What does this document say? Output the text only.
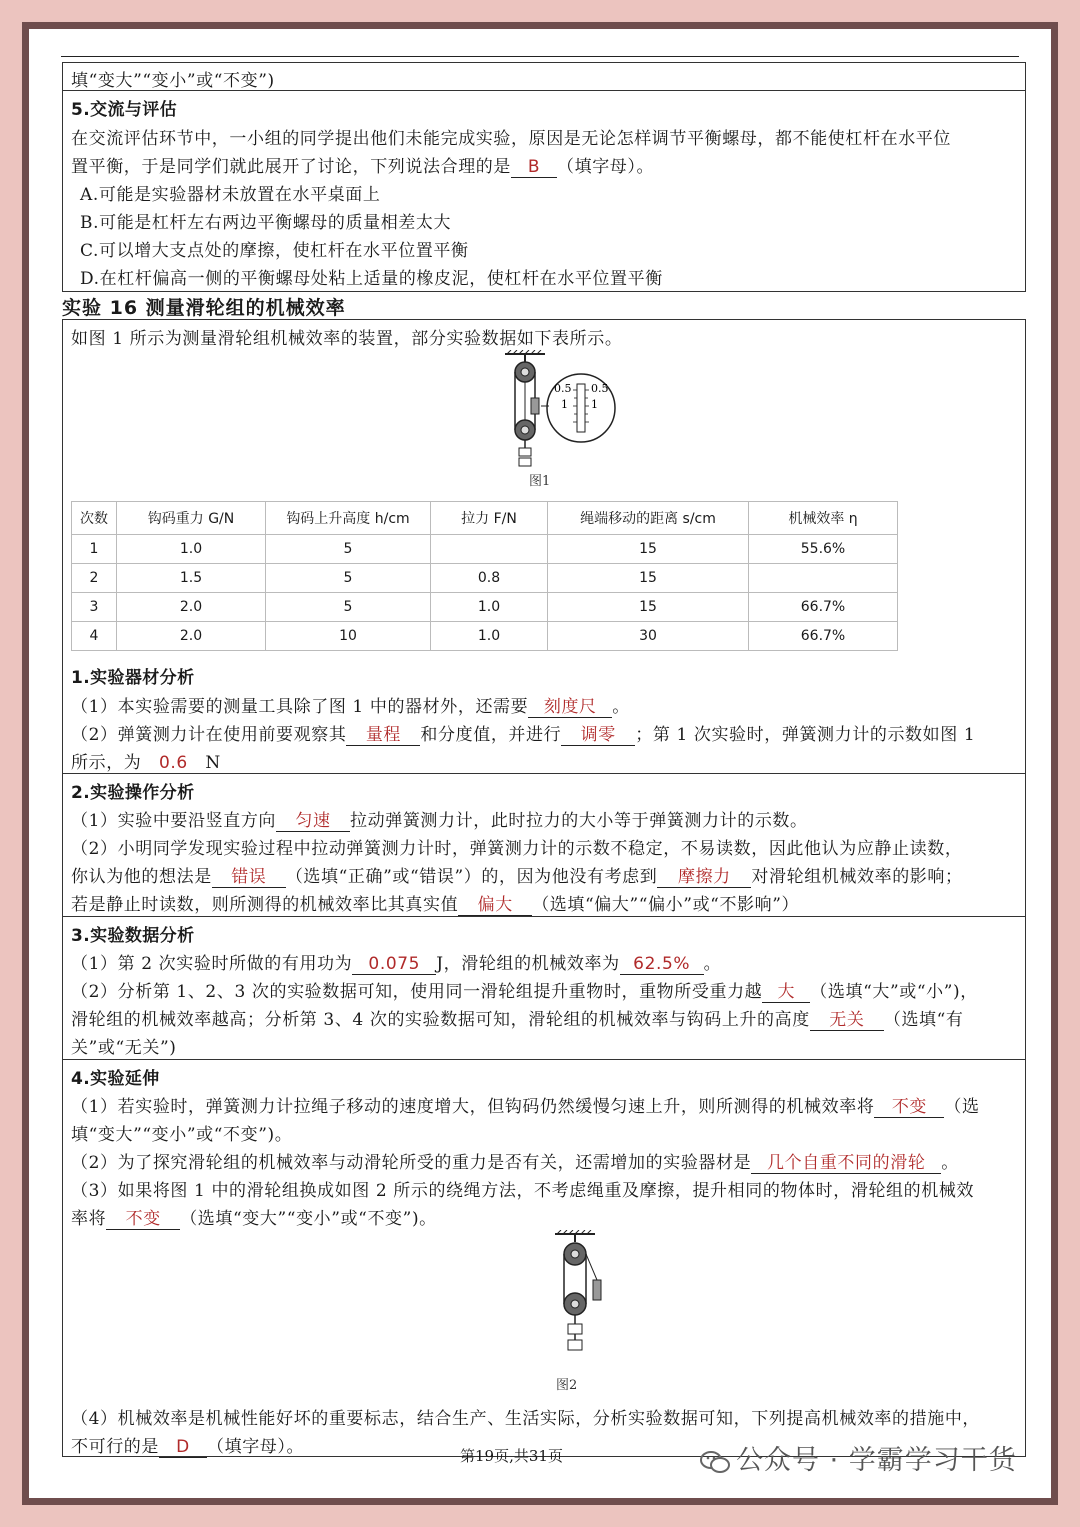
填“变大”“变小”或“不变”)
5.交流与评估
在交流评估环节中，一小组的同学提出他们未能完成实验，原因是无论怎样调节平衡螺母，都不能使杠杆在水平位
置平衡，于是同学们就此展开了讨论，下列说法合理的是 B （填字母）。
A.可能是实验器材未放置在水平桌面上
B.可能是杠杆左右两边平衡螺母的质量相差太大
C.可以增大支点处的摩擦，使杠杆在水平位置平衡
D.在杠杆偏高一侧的平衡螺母处粘上适量的橡皮泥，使杠杆在水平位置平衡
实验 16 测量滑轮组的机械效率
如图 1 所示为测量滑轮组机械效率的装置，部分实验数据如下表所示。
0.5
1
0.5
1
图1
次数	钩码重力 G/N	钩码上升高度 h/cm	拉力 F/N	绳端移动的距离 s/cm	机械效率 η
1	1.0	5		15	55.6%
2	1.5	5	0.8	15	
3	2.0	5	1.0	15	66.7%
4	2.0	10	1.0	30	66.7%
1.实验器材分析
（1）本实验需要的测量工具除了图 1 中的器材外，还需要 刻度尺 。
（2）弹簧测力计在使用前要观察其 量程 和分度值，并进行 调零 ；第 1 次实验时，弹簧测力计的示数如图 1
所示，为 0.6 N
2.实验操作分析
（1）实验中要沿竖直方向 匀速 拉动弹簧测力计，此时拉力的大小等于弹簧测力计的示数。
（2）小明同学发现实验过程中拉动弹簧测力计时，弹簧测力计的示数不稳定，不易读数，因此他认为应静止读数，
你认为他的想法是 错误 （选填“正确”或“错误”）的，因为他没有考虑到 摩擦力 对滑轮组机械效率的影响；
若是静止时读数，则所测得的机械效率比其真实值 偏大 （选填“偏大”“偏小”或“不影响”）
3.实验数据分析
（1）第 2 次实验时所做的有用功为 0.075 J，滑轮组的机械效率为 62.5% 。
（2）分析第 1、2、3 次的实验数据可知，使用同一滑轮组提升重物时，重物所受重力越 大 （选填“大”或“小”)，
滑轮组的机械效率越高；分析第 3、4 次的实验数据可知，滑轮组的机械效率与钩码上升的高度 无关 （选填“有
关”或“无关”)
4.实验延伸
（1）若实验时，弹簧测力计拉绳子移动的速度增大，但钩码仍然缓慢匀速上升，则所测得的机械效率将 不变 （选
填“变大”“变小”或“不变”)。
（2）为了探究滑轮组的机械效率与动滑轮所受的重力是否有关，还需增加的实验器材是 几个自重不同的滑轮 。
（3）如果将图 1 中的滑轮组换成如图 2 所示的绕绳方法，不考虑绳重及摩擦，提升相同的物体时，滑轮组的机械效
率将 不变 （选填“变大”“变小”或“不变”)。
图2
（4）机械效率是机械性能好坏的重要标志，结合生产、生活实际，分析实验数据可知，下列提高机械效率的措施中，
不可行的是 D （填字母）。	第19页,共31页	公众号 · 学霸学习干货
